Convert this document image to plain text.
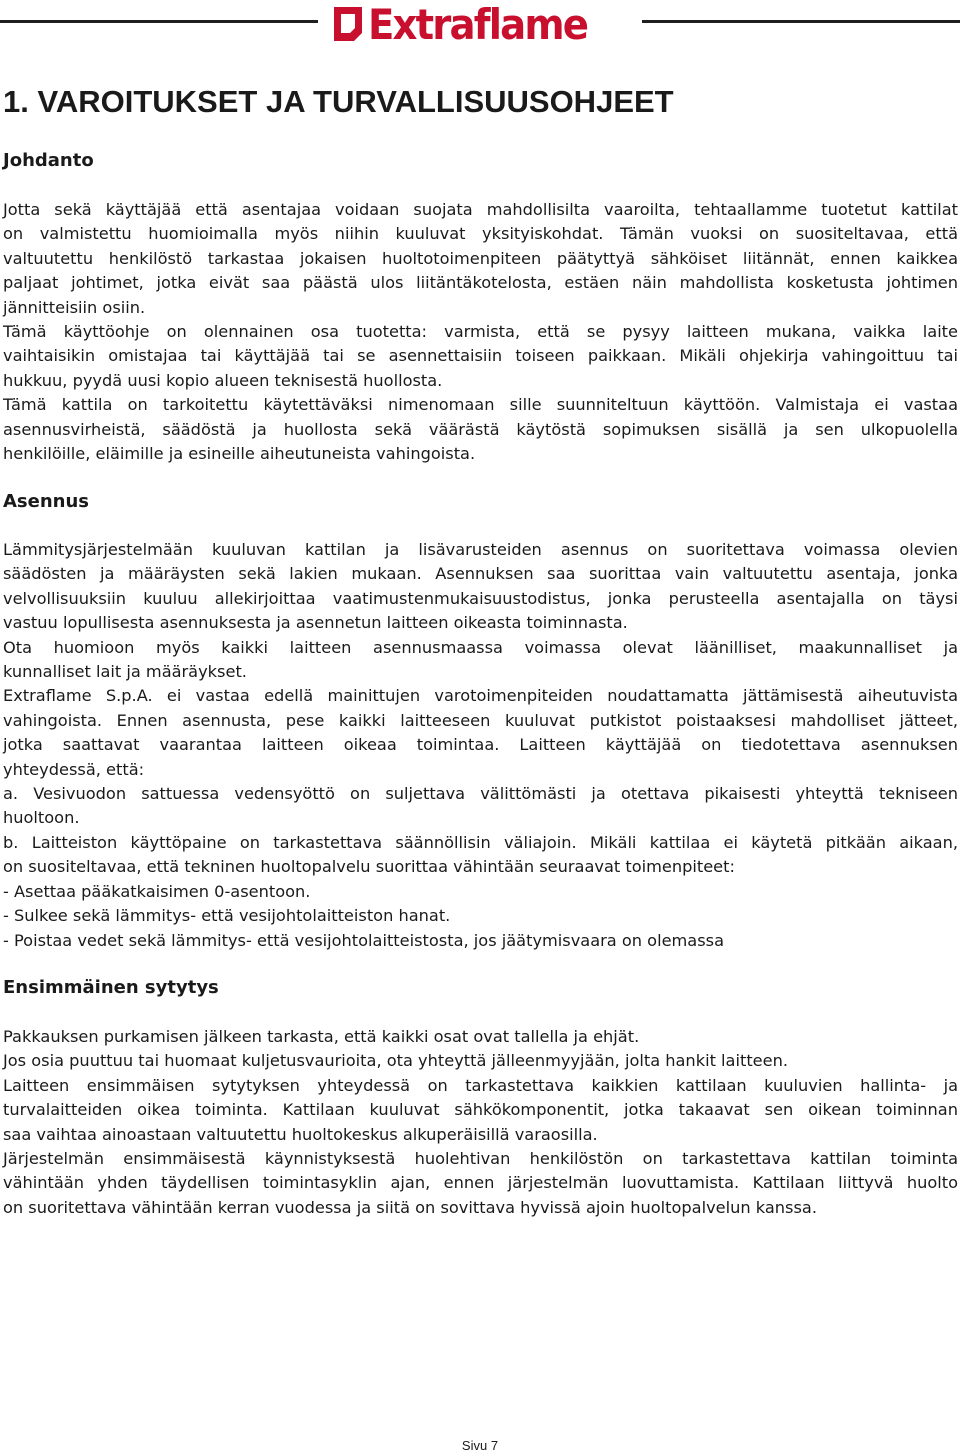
Extraflame
1. VAROITUKSET JA TURVALLISUUSOHJEET
Johdanto
Jotta sekä käyttäjää että asentajaa voidaan suojata mahdollisilta vaaroilta, tehtaallamme tuotetut kattilat
on valmistettu huomioimalla myös niihin kuuluvat yksityiskohdat. Tämän vuoksi on suositeltavaa, että
valtuutettu henkilöstö tarkastaa jokaisen huoltotoimenpiteen päätyttyä sähköiset liitännät, ennen kaikkea
paljaat johtimet, jotka eivät saa päästä ulos liitäntäkotelosta, estäen näin mahdollista kosketusta johtimen
jännitteisiin osiin.
Tämä käyttöohje on olennainen osa tuotetta: varmista, että se pysyy laitteen mukana, vaikka laite
vaihtaisikin omistajaa tai käyttäjää tai se asennettaisiin toiseen paikkaan. Mikäli ohjekirja vahingoittuu tai
hukkuu, pyydä uusi kopio alueen teknisestä huollosta.
Tämä kattila on tarkoitettu käytettäväksi nimenomaan sille suunniteltuun käyttöön. Valmistaja ei vastaa
asennusvirheistä, säädöstä ja huollosta sekä väärästä käytöstä sopimuksen sisällä ja sen ulkopuolella
henkilöille, eläimille ja esineille aiheutuneista vahingoista.
Asennus
Lämmitysjärjestelmään kuuluvan kattilan ja lisävarusteiden asennus on suoritettava voimassa olevien
säädösten ja määräysten sekä lakien mukaan. Asennuksen saa suorittaa vain valtuutettu asentaja, jonka
velvollisuuksiin kuuluu allekirjoittaa vaatimustenmukaisuustodistus, jonka perusteella asentajalla on täysi
vastuu lopullisesta asennuksesta ja asennetun laitteen oikeasta toiminnasta.
Ota huomioon myös kaikki laitteen asennusmaassa voimassa olevat läänilliset, maakunnalliset ja
kunnalliset lait ja määräykset.
Extraflame S.p.A. ei vastaa edellä mainittujen varotoimenpiteiden noudattamatta jättämisestä aiheutuvista
vahingoista. Ennen asennusta, pese kaikki laitteeseen kuuluvat putkistot poistaaksesi mahdolliset jätteet,
jotka saattavat vaarantaa laitteen oikeaa toimintaa. Laitteen käyttäjää on tiedotettava asennuksen
yhteydessä, että:
a. Vesivuodon sattuessa vedensyöttö on suljettava välittömästi ja otettava pikaisesti yhteyttä tekniseen
huoltoon.
b. Laitteiston käyttöpaine on tarkastettava säännöllisin väliajoin. Mikäli kattilaa ei käytetä pitkään aikaan,
on suositeltavaa, että tekninen huoltopalvelu suorittaa vähintään seuraavat toimenpiteet:
- Asettaa pääkatkaisimen 0-asentoon.
- Sulkee sekä lämmitys- että vesijohtolaitteiston hanat.
- Poistaa vedet sekä lämmitys- että vesijohtolaitteistosta, jos jäätymisvaara on olemassa
Ensimmäinen sytytys
Pakkauksen purkamisen jälkeen tarkasta, että kaikki osat ovat tallella ja ehjät.
Jos osia puuttuu tai huomaat kuljetusvaurioita, ota yhteyttä jälleenmyyjään, jolta hankit laitteen.
Laitteen ensimmäisen sytytyksen yhteydessä on tarkastettava kaikkien kattilaan kuuluvien hallinta- ja
turvalaitteiden oikea toiminta. Kattilaan kuuluvat sähkökomponentit, jotka takaavat sen oikean toiminnan
saa vaihtaa ainoastaan valtuutettu huoltokeskus alkuperäisillä varaosilla.
Järjestelmän ensimmäisestä käynnistyksestä huolehtivan henkilöstön on tarkastettava kattilan toiminta
vähintään yhden täydellisen toimintasyklin ajan, ennen järjestelmän luovuttamista. Kattilaan liittyvä huolto
on suoritettava vähintään kerran vuodessa ja siitä on sovittava hyvissä ajoin huoltopalvelun kanssa.
Sivu 7
